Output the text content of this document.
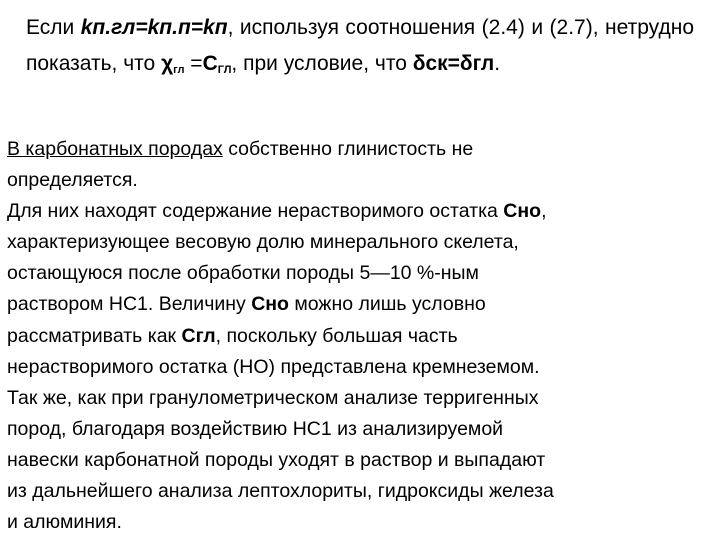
Если kп.гл=kп.п=kп, используя соотношения (2.4) и (2.7), нетрудно показать, что $\chi_{гл} =С_{ГЛ}$, при условие, что δск=δгл.
В карбонатных породах собственно глинистость не
определяется.
Для них находят содержание нерастворимого остатка Сно,
характеризующее весовую долю минерального скелета,
остающуюся после обработки породы 5—10 %-ным
раствором НС1. Величину Сно можно лишь условно
рассматривать как Сгл, поскольку большая часть
нерастворимого остатка (НО) представлена кремнеземом.
Так же, как при гранулометрическом анализе терригенных
пород, благодаря воздействию НС1 из анализируемой
навески карбонатной породы уходят в раствор и выпадают
из дальнейшего анализа лептохлориты, гидроксиды железа
и алюминия.
